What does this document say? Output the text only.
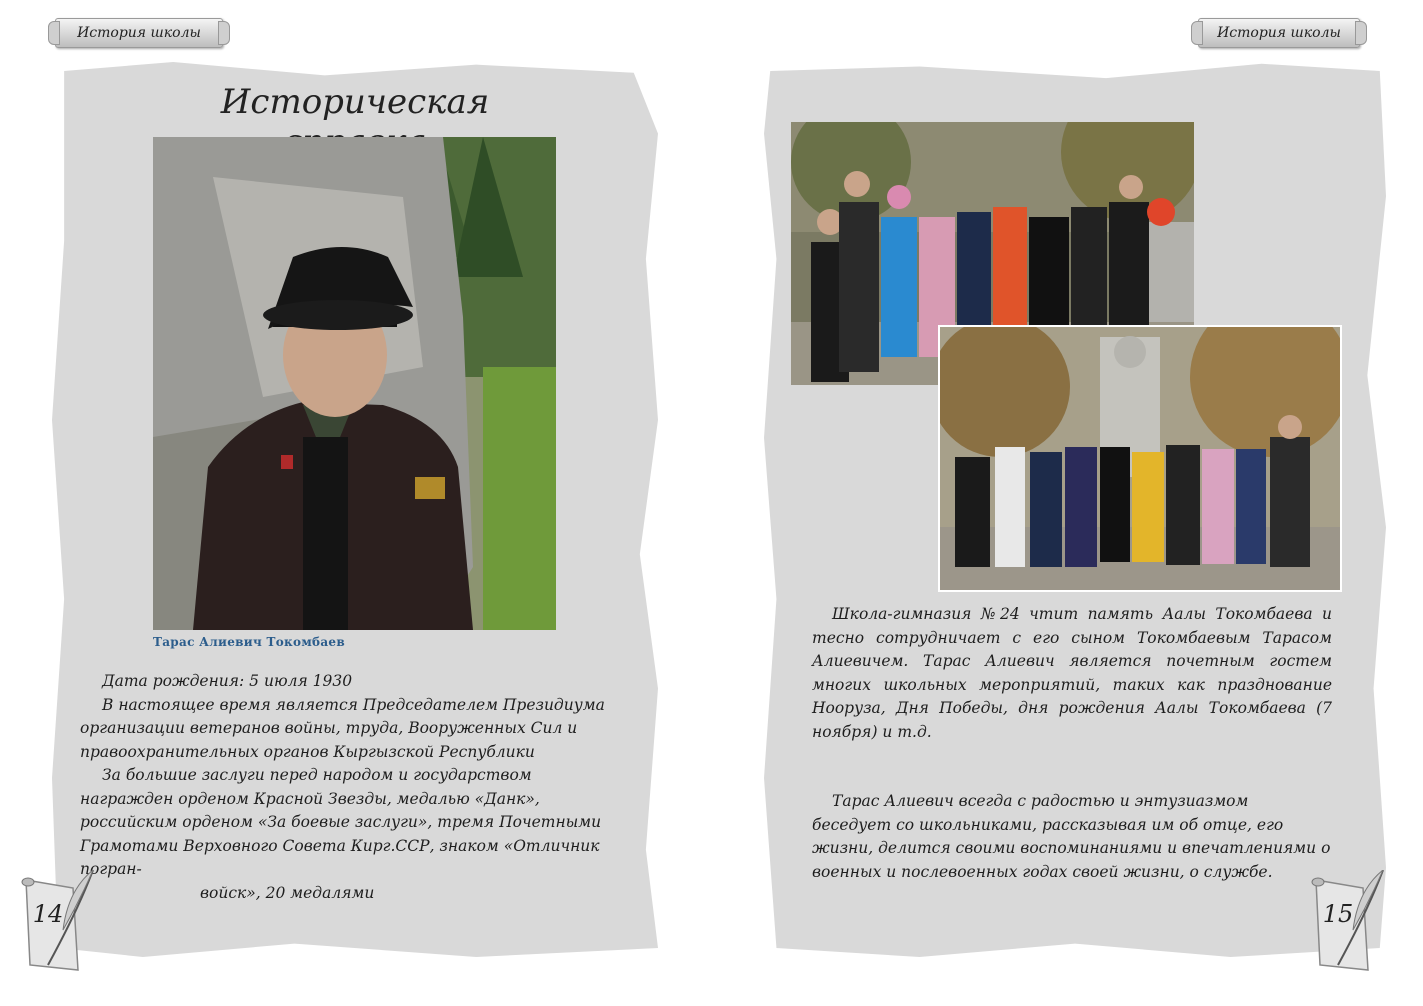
История школы	История школы
Историческая
Тарас Алиевич Токомбаев

Дата рождения: 5 июля 1930

В настоящее время является Председателем Президиума организации ветеранов войны, труда, Вооруженных Сил и правоохранительных органов Кыргызской Республики

За большие заслуги перед народом и государством награжден орденом Красной Звезды, медалью «Данк», российским орденом «За боевые заслуги», тремя Почетными Грамотами Верховного Совета Кирг.ССР, знаком «Отличник погран-

войск», 20 медалями

14
Школа-гимназия №24 чтит память Аалы Токомбаева и тесно сотрудничает с его сыном Токомбаевым Тарасом Алиевичем. Тарас Алиевич является почетным гостем многих школьных мероприятий, таких как празднование Нооруза, Дня Победы, дня рождения Аалы Токомбаева (7 ноября) и т.д.
Тарас Алиевич всегда с радостью и энтузиазмом беседует со школьниками, рассказывая им об отце, его жизни, делится своими воспоминаниями и впечатлениями о военных и послевоенных годах своей жизни, о службе.
15
